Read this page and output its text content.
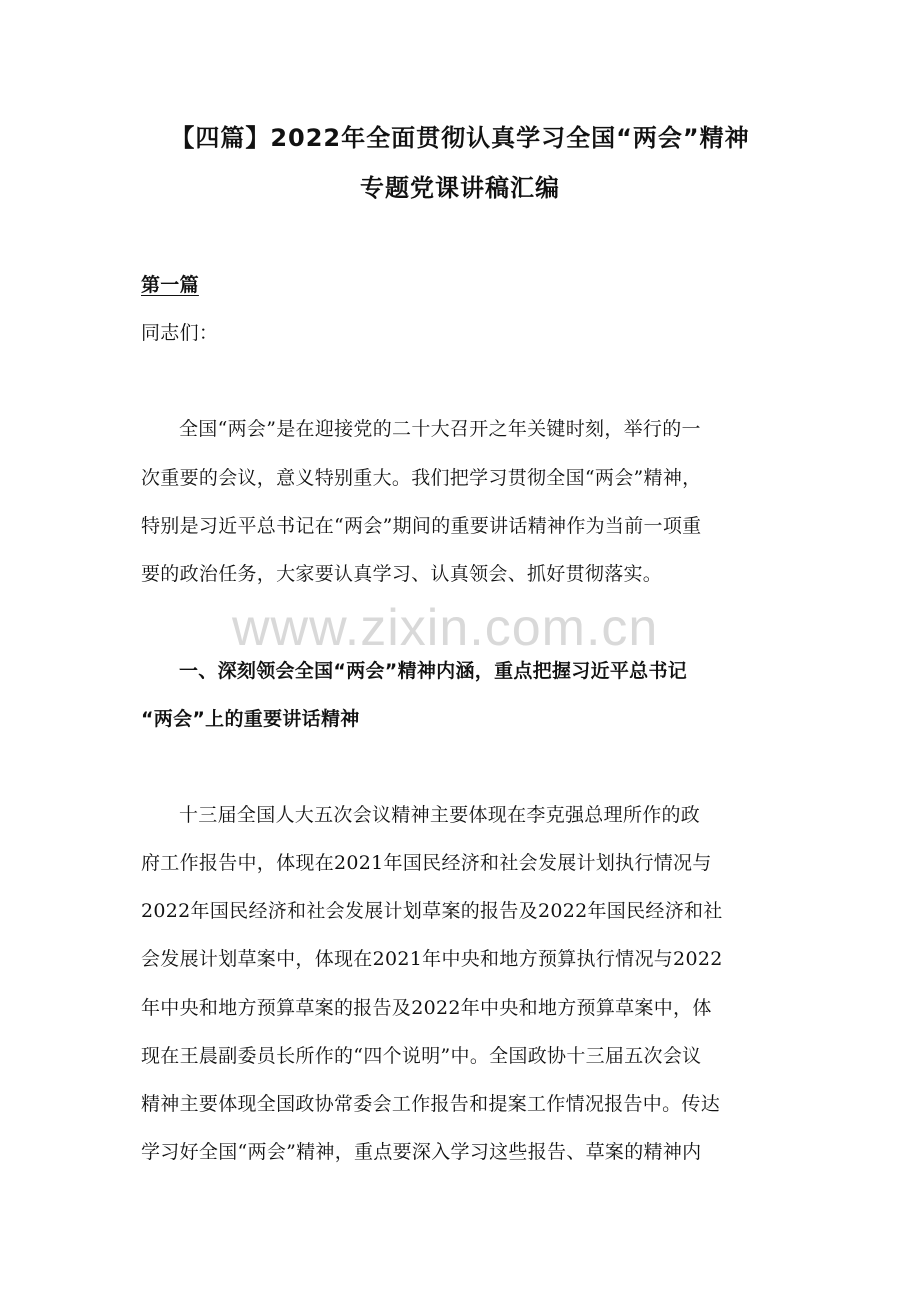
【四篇】2022年全面贯彻认真学习全国“两会”精神
专题党课讲稿汇编

第一篇

同志们：

全国“两会”是在迎接党的二十大召开之年关键时刻，举行的一

次重要的会议，意义特别重大。我们把学习贯彻全国“两会”精神，

特别是习近平总书记在“两会”期间的重要讲话精神作为当前一项重

要的政治任务，大家要认真学习、认真领会、抓好贯彻落实。

www.zixin.com.cn

一、深刻领会全国“两会”精神内涵，重点把握习近平总书记

“两会”上的重要讲话精神

十三届全国人大五次会议精神主要体现在李克强总理所作的政

府工作报告中，体现在2021年国民经济和社会发展计划执行情况与

2022年国民经济和社会发展计划草案的报告及2022年国民经济和社

会发展计划草案中，体现在2021年中央和地方预算执行情况与2022

年中央和地方预算草案的报告及2022年中央和地方预算草案中，体

现在王晨副委员长所作的“四个说明”中。全国政协十三届五次会议

精神主要体现全国政协常委会工作报告和提案工作情况报告中。传达

学习好全国“两会”精神，重点要深入学习这些报告、草案的精神内
